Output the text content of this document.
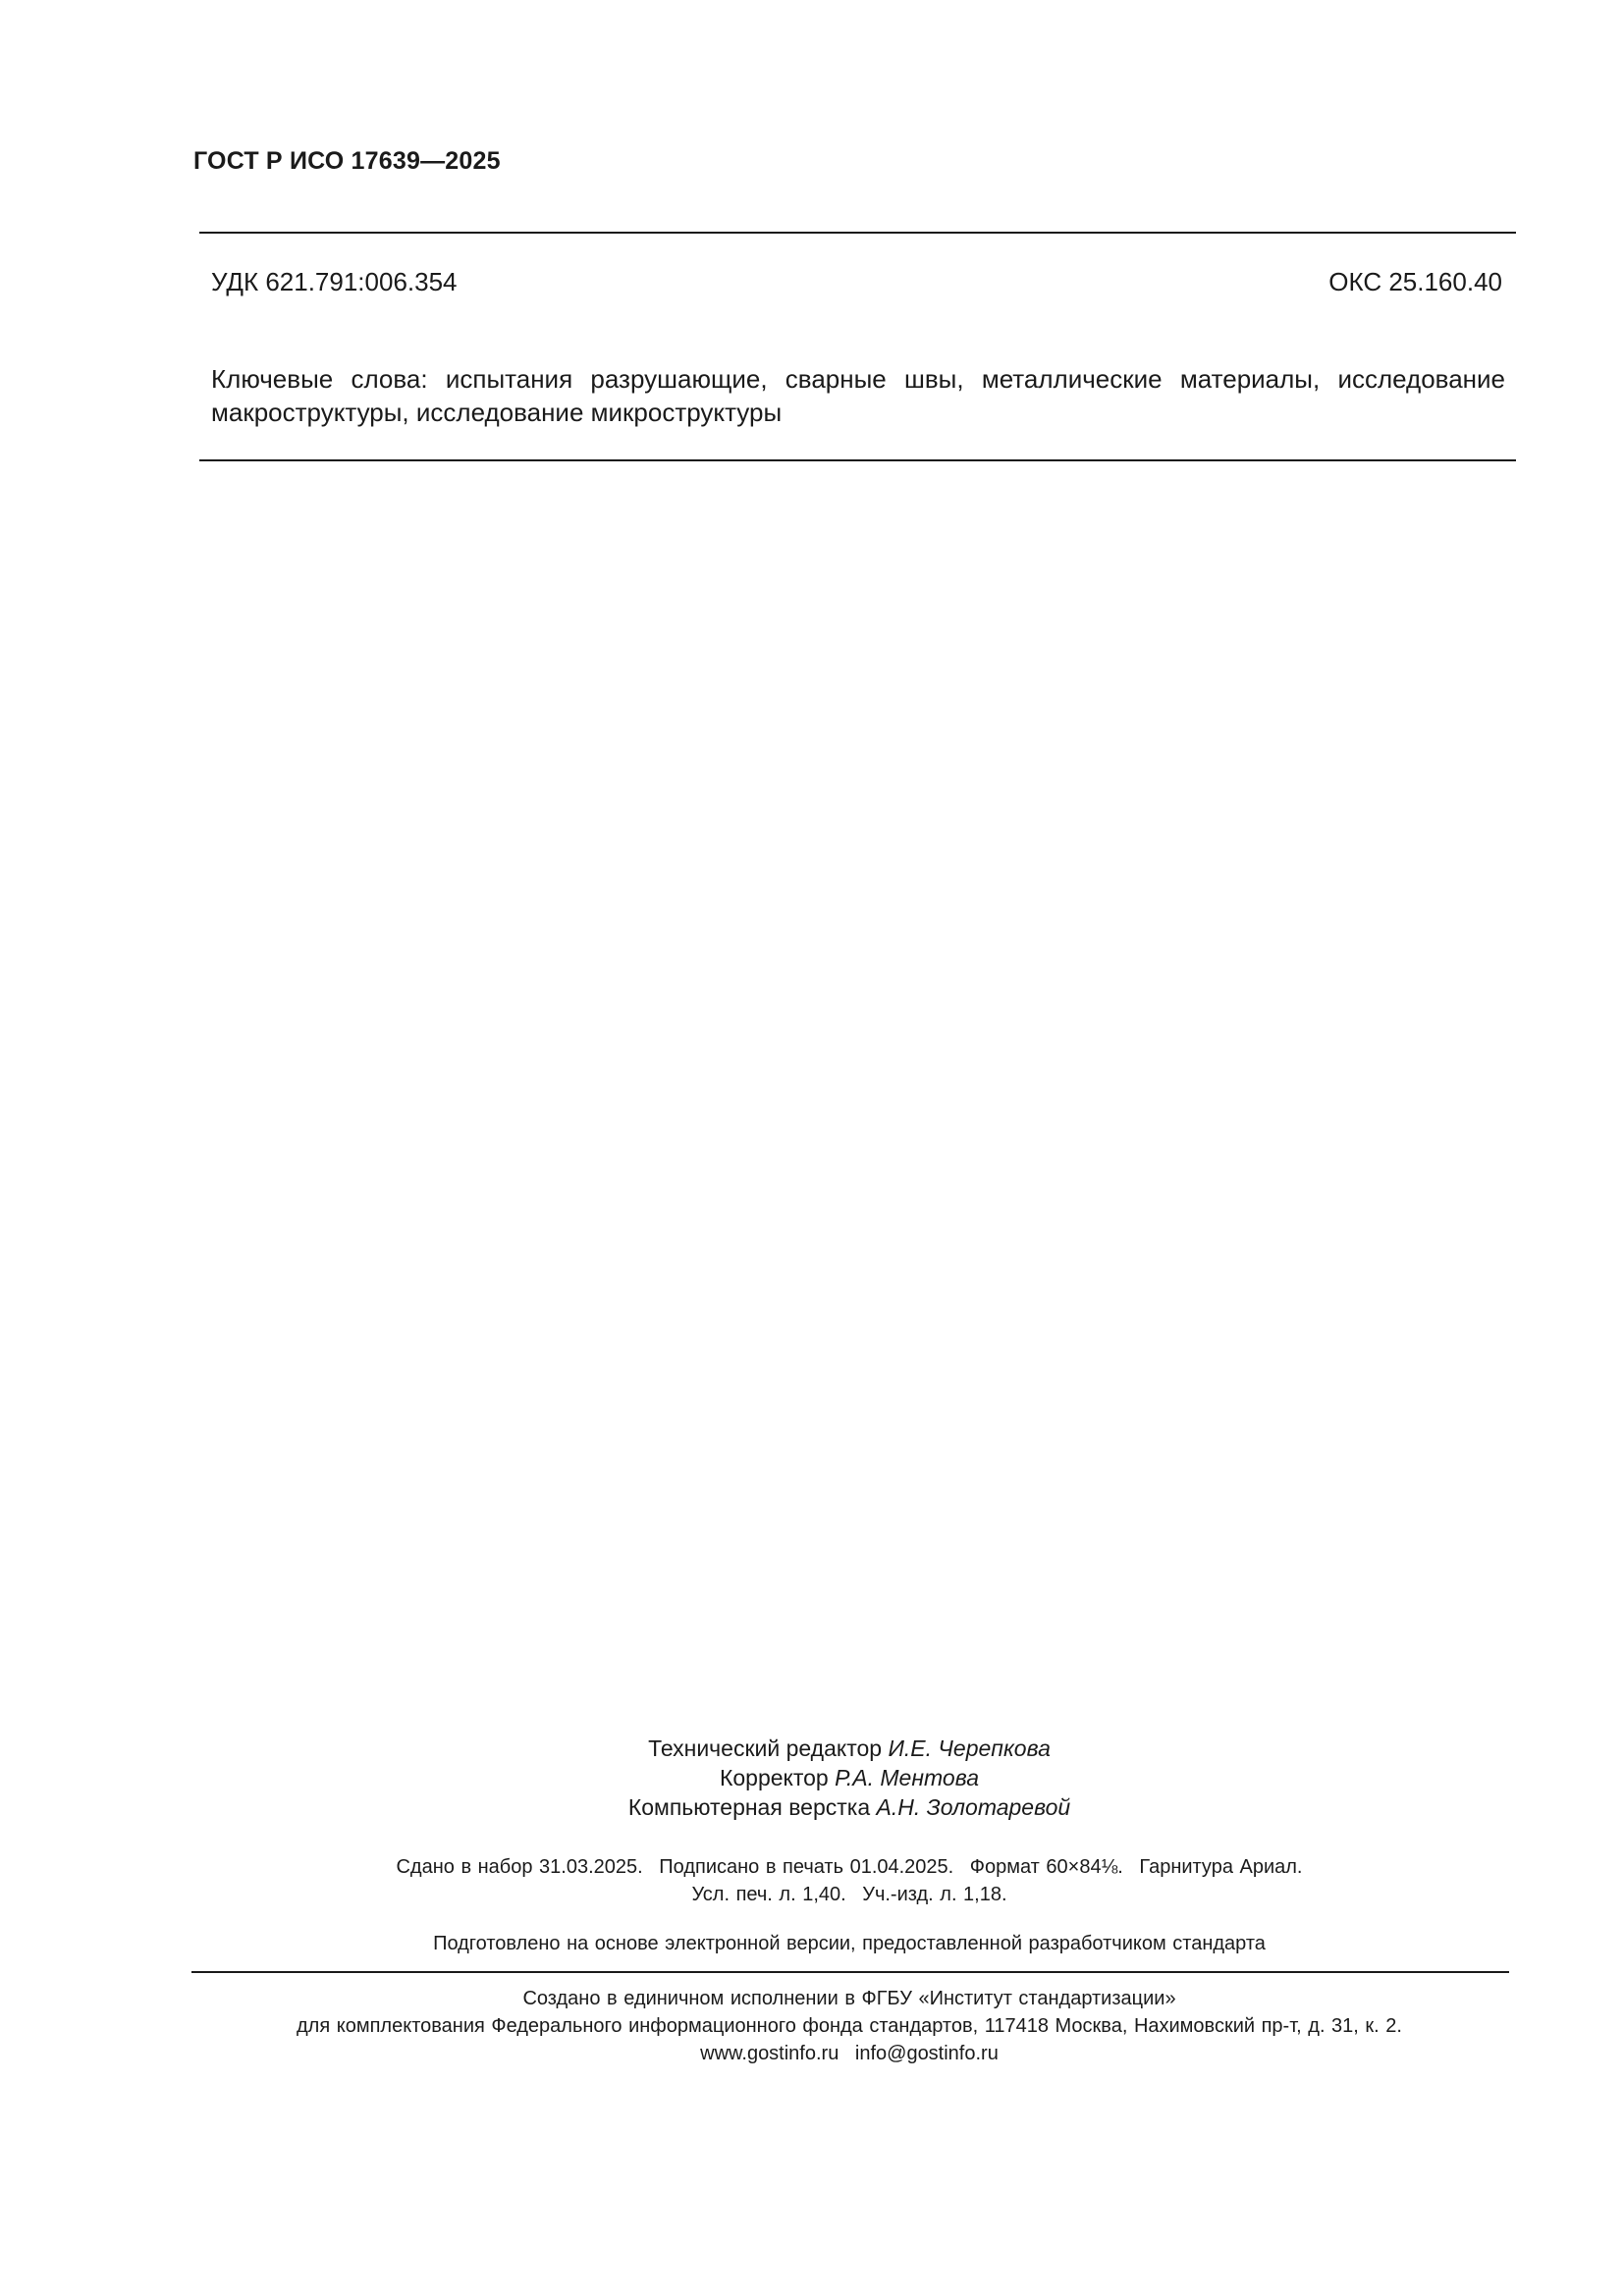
ГОСТ Р ИСО 17639—2025
УДК 621.791:006.354	ОКС 25.160.40
Ключевые слова: испытания разрушающие, сварные швы, металлические материалы, исследование макроструктуры, исследование микроструктуры
Технический редактор И.Е. Черепкова
Корректор Р.А. Ментова
Компьютерная верстка А.Н. Золотаревой
Сдано в набор 31.03.2025. Подписано в печать 01.04.2025. Формат 60×84⅛. Гарнитура Ариал.
Усл. печ. л. 1,40. Уч.-изд. л. 1,18.
Подготовлено на основе электронной версии, предоставленной разработчиком стандарта
Создано в единичном исполнении в ФГБУ «Институт стандартизации»
для комплектования Федерального информационного фонда стандартов, 117418 Москва, Нахимовский пр-т, д. 31, к. 2.
www.gostinfo.ru info@gostinfo.ru
